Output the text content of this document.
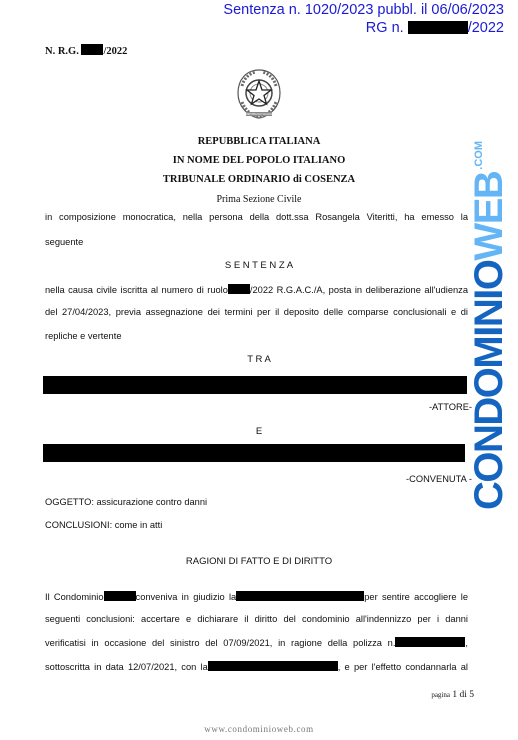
Sentenza n. 1020/2023 pubbl. il 06/06/2023
RG n.	/2022
N. R.G. /2022
REPVBBLICA ITALIANA
REPUBBLICA ITALIANA
IN NOME DEL POPOLO ITALIANO
TRIBUNALE ORDINARIO di COSENZA
Prima Sezione Civile
in composizione monocratica, nella persona della dott.ssa Rosangela Viteritti, ha emesso la
seguente
S E N T E N Z A
nella causa civile iscritta al numero di ruolo /2022 R.G.A.C./A, posta in deliberazione all'udienza
del 27/04/2023, previa assegnazione dei termini per il deposito delle comparse conclusionali e di
repliche e vertente
T R A
-ATTORE-
E
-CONVENUTA -
OGGETTO: assicurazione contro danni
CONCLUSIONI: come in atti
RAGIONI DI FATTO E DI DIRITTO
Il Condominio	conveniva in giudizio la	per sentire accogliere le
seguenti conclusioni: accertare e dichiarare il diritto del condominio all'indennizzo per i danni
verificatisi in occasione del sinistro del 07/09/2021, in ragione della polizza n.	,
sottoscritta in data 12/07/2021, con la	, e per l'effetto condannarla al
$CONDOMINIOWEB^{.COM}$
pagina 1 di 5
www.condominioweb.com
